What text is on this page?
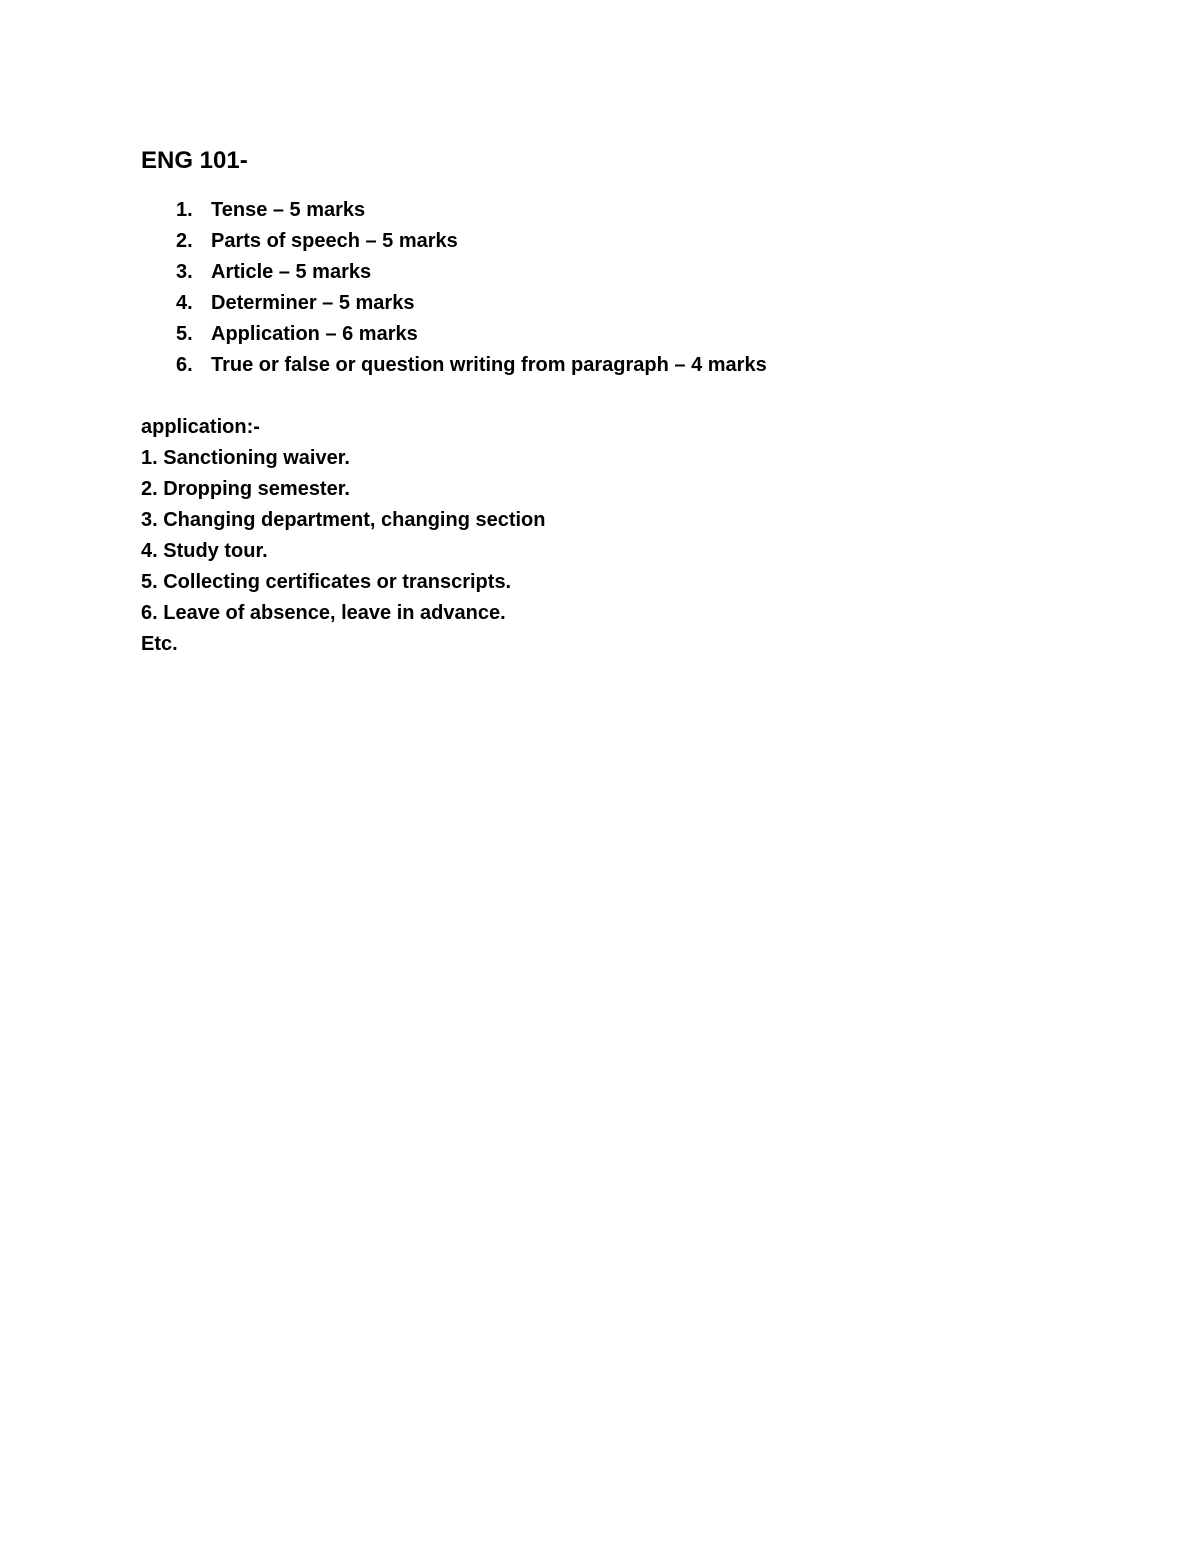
ENG 101-
1. Tense – 5 marks
2. Parts of speech – 5 marks
3. Article – 5 marks
4. Determiner – 5 marks
5. Application – 6 marks
6. True or false or question writing from paragraph – 4 marks
application:-
1. Sanctioning waiver.
2. Dropping semester.
3. Changing department, changing section
4. Study tour.
5. Collecting certificates or transcripts.
6. Leave of absence, leave in advance.
Etc.
